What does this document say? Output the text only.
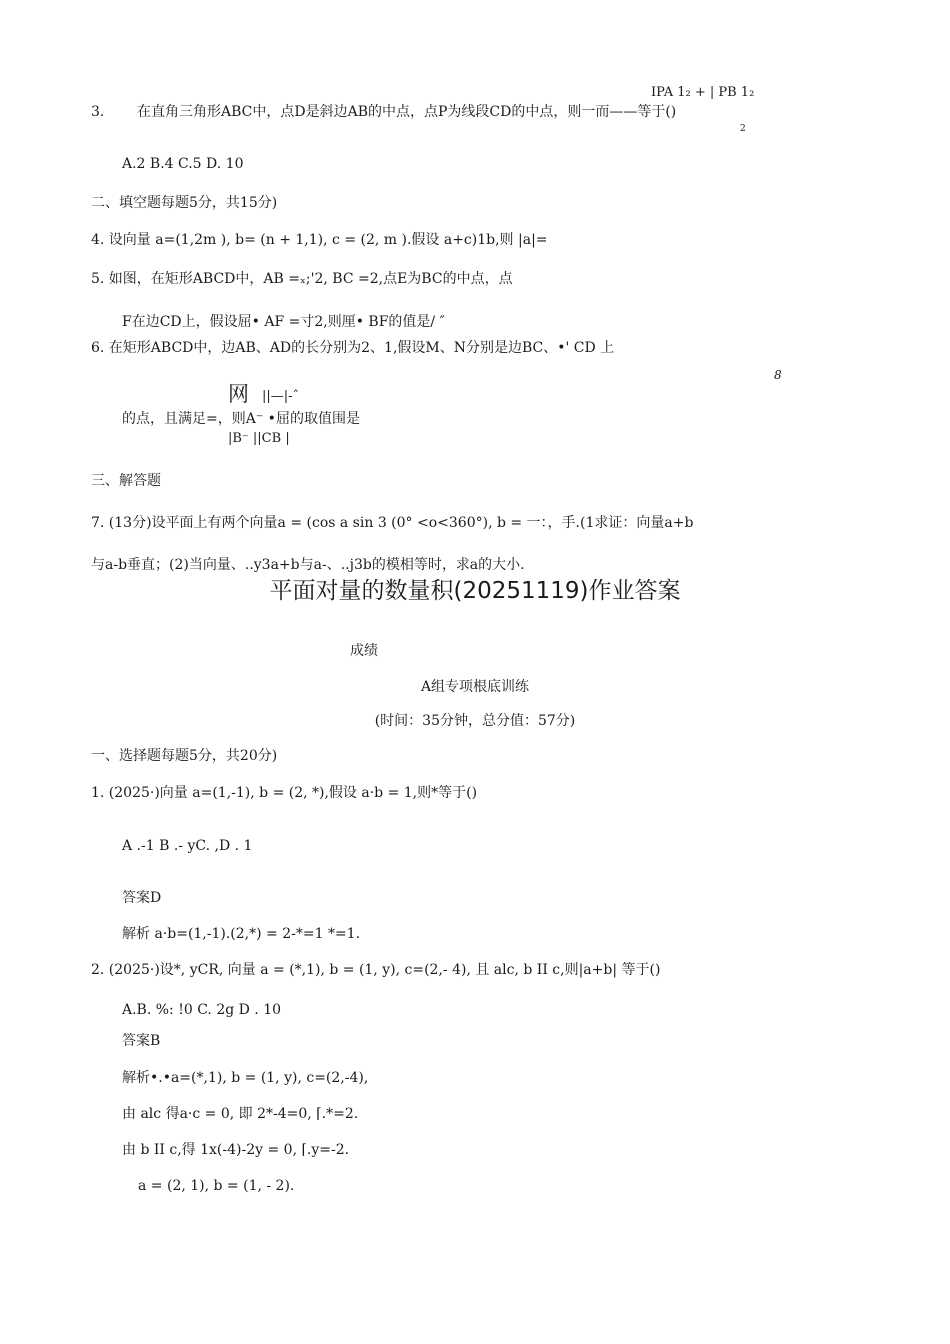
IPA 1₂ + | PB 1₂
3. 在直角三角形ABC中，点D是斜边AB的中点，点P为线段CD的中点，则一而——等于()
2
A.2 B.4 C.5 D. 10
二、填空题每题5分，共15分)
4. 设向量 a=(1,2m ), b= (n + 1,1), c = (2, m ).假设 a+c)1b,则 |a|=
5. 如图，在矩形ABCD中，AB =ₓ;'2, BC =2,点E为BC的中点，点
F在边CD上，假设屈• AF =寸2,则厘• BF的值是/ ″
6. 在矩形ABCD中，边AB、AD的长分别为2、1,假设M、N分别是边BC、•' CD 上
8
网 ||—|-ˆ
的点，且满足=，则A⁻ •屈的取值围是
|B⁻ ||CB |
三、解答题
7. (13分)设平面上有两个向量a = (cos a sin 3 (0° <o<360°), b = 一：，手.(1求证：向量a+b
与a-b垂直；(2)当向量、..y3a+b与a-、..j3b的模相等时，求a的大小.
平面对量的数量积(20251119)作业答案
成绩
A组专项根底训练
(时间：35分钟，总分值：57分)
一、选择题每题5分，共20分)
1. (2025·)向量 a=(1,-1), b = (2, *),假设 a·b = 1,则*等于()
A .-1 B .- yC. ,D . 1
答案D
解析 a·b=(1,-1).(2,*) = 2-*=1 *=1.
2. (2025·)设*, yCR, 向量 a = (*,1), b = (1, y), c=(2,- 4), 且 alc, b II c,则|a+b| 等于()
A.B. %: !0 C. 2g D . 10
答案B
解析•.•a=(*,1), b = (1, y), c=(2,-4),
由 alc 得a·c = 0, 即 2*-4=0, ⌈.*=2.
由 b II c,得 1x(-4)-2y = 0, ⌈.y=-2.
a = (2, 1), b = (1, - 2).
